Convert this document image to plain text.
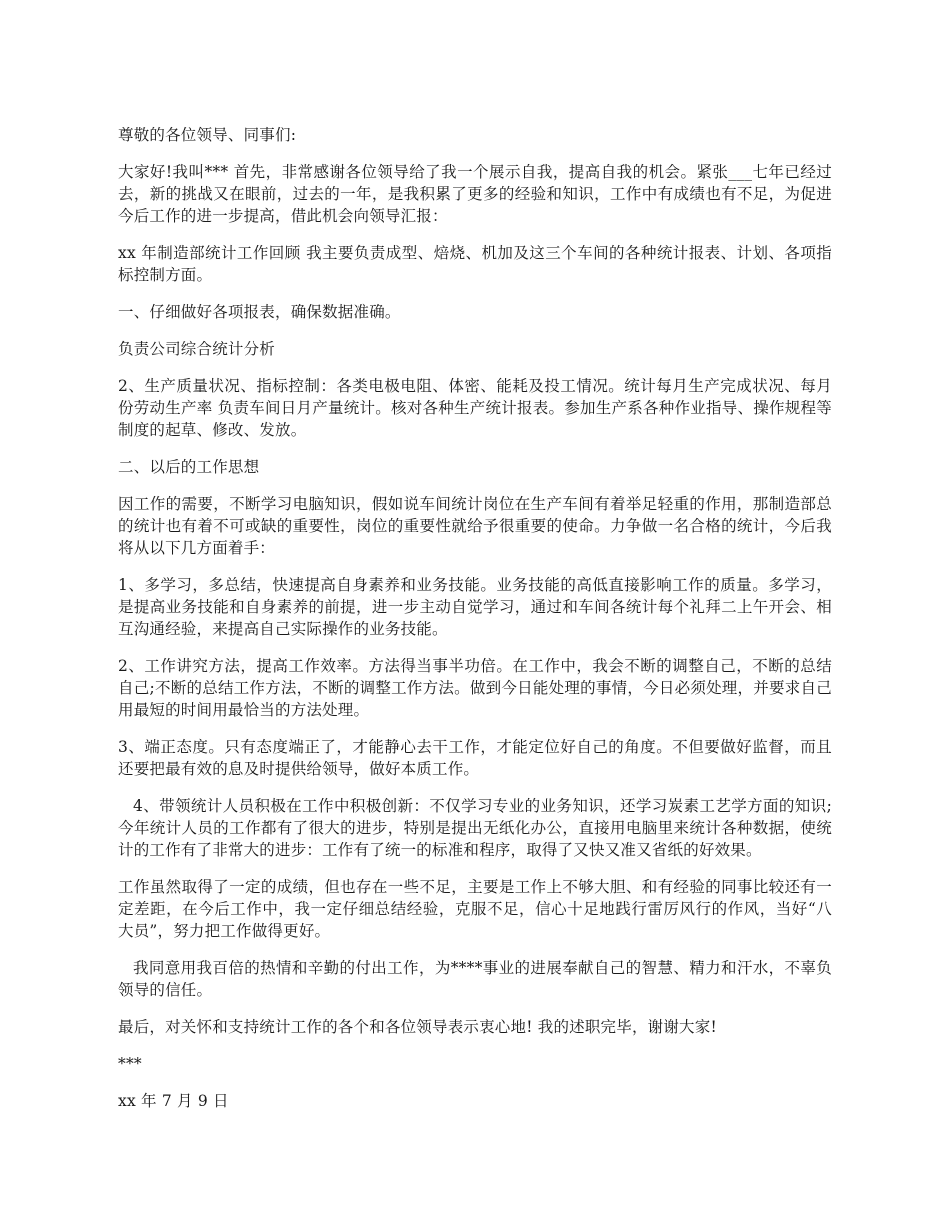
尊敬的各位领导、同事们:

大家好!我叫*** 首先，非常感谢各位领导给了我一个展示自我，提高自我的机会。紧张___七年已经过去，新的挑战又在眼前，过去的一年，是我积累了更多的经验和知识，工作中有成绩也有不足，为促进今后工作的进一步提高，借此机会向领导汇报：

xx 年制造部统计工作回顾 我主要负责成型、焙烧、机加及这三个车间的各种统计报表、计划、各项指标控制方面。

一、仔细做好各项报表，确保数据准确。

负责公司综合统计分析

2、生产质量状况、指标控制：各类电极电阻、体密、能耗及投工情况。统计每月生产完成状况、每月份劳动生产率 负责车间日月产量统计。核对各种生产统计报表。参加生产系各种作业指导、操作规程等制度的起草、修改、发放。

二、以后的工作思想

因工作的需要，不断学习电脑知识，假如说车间统计岗位在生产车间有着举足轻重的作用，那制造部总的统计也有着不可或缺的重要性，岗位的重要性就给予很重要的使命。力争做一名合格的统计，今后我将从以下几方面着手：

1、多学习，多总结，快速提高自身素养和业务技能。业务技能的高低直接影响工作的质量。多学习，是提高业务技能和自身素养的前提，进一步主动自觉学习，通过和车间各统计每个礼拜二上午开会、相互沟通经验，来提高自己实际操作的业务技能。

2、工作讲究方法，提高工作效率。方法得当事半功倍。在工作中，我会不断的调整自己，不断的总结自己;不断的总结工作方法，不断的调整工作方法。做到今日能处理的事情，今日必须处理，并要求自己用最短的时间用最恰当的方法处理。

3、端正态度。只有态度端正了，才能静心去干工作，才能定位好自己的角度。不但要做好监督，而且还要把最有效的息及时提供给领导，做好本质工作。

4、带领统计人员积极在工作中积极创新：不仅学习专业的业务知识，还学习炭素工艺学方面的知识;今年统计人员的工作都有了很大的进步，特别是提出无纸化办公，直接用电脑里来统计各种数据，使统计的工作有了非常大的进步：工作有了统一的标准和程序，取得了又快又准又省纸的好效果。

工作虽然取得了一定的成绩，但也存在一些不足，主要是工作上不够大胆、和有经验的同事比较还有一定差距，在今后工作中，我一定仔细总结经验，克服不足，信心十足地践行雷厉风行的作风，当好“八大员”，努力把工作做得更好。

我同意用我百倍的热情和辛勤的付出工作，为****事业的进展奉献自己的智慧、精力和汗水，不辜负领导的信任。

最后，对关怀和支持统计工作的各个和各位领导表示衷心地! 我的述职完毕，谢谢大家!

***

xx 年 7 月 9 日
